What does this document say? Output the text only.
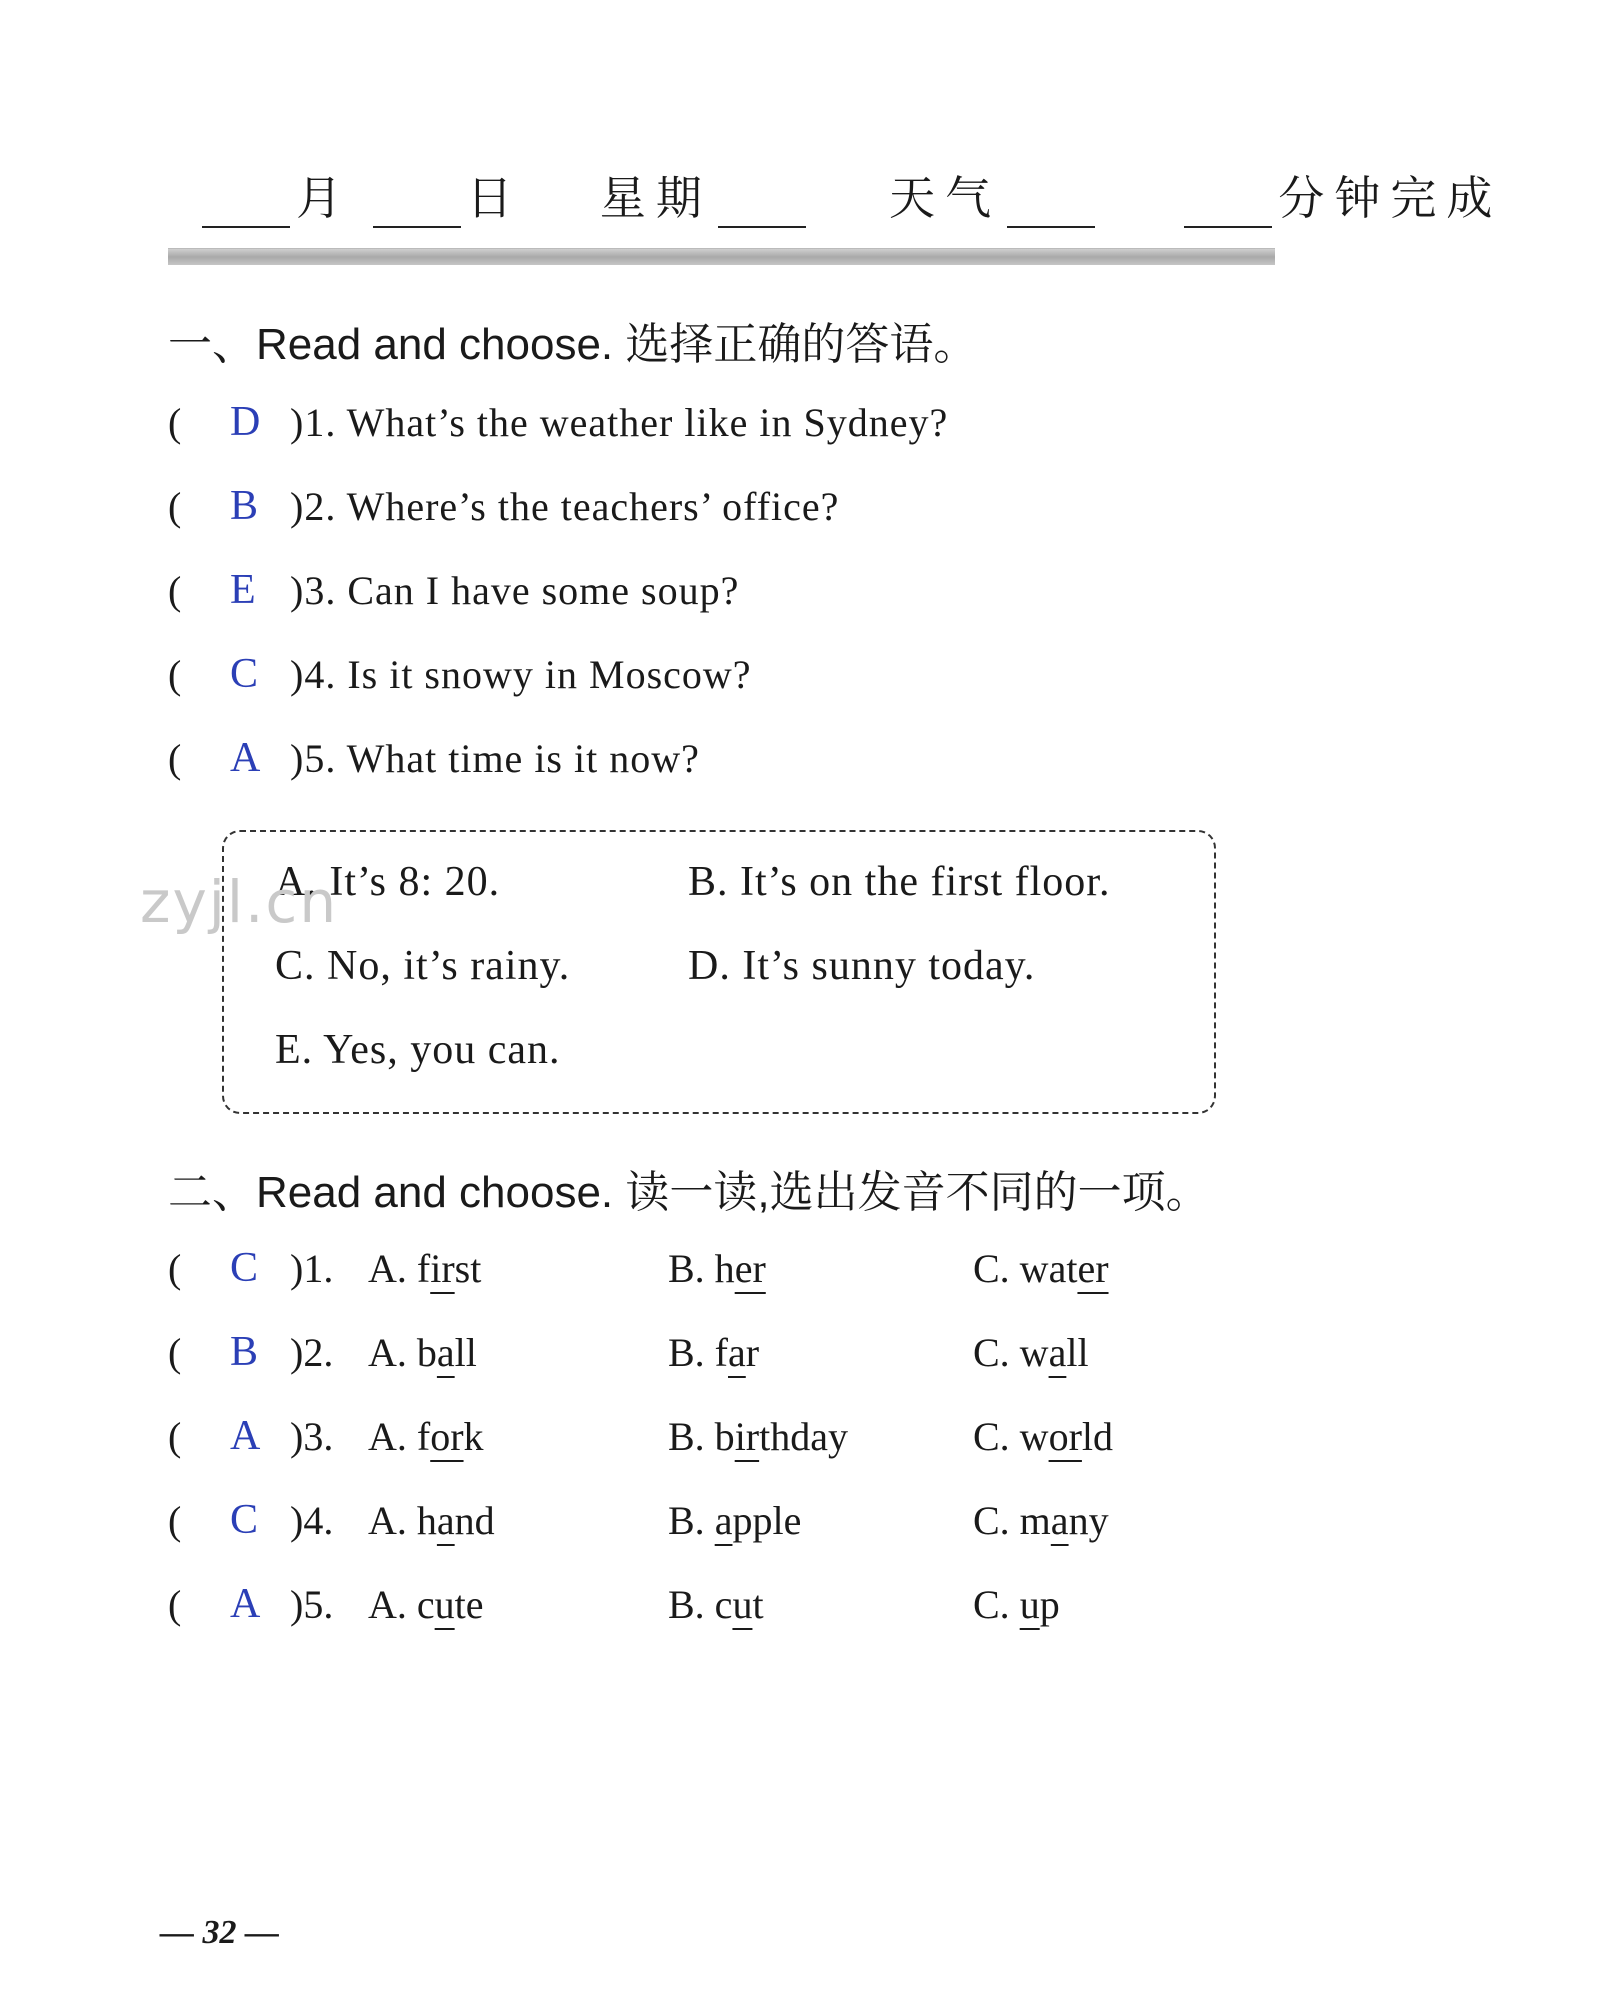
月 日 星期	天气	分钟完成
一、Read and choose. 选择正确的答语。
(	D )1. What’s the weather like in Sydney?
(	B )2. Where’s the teachers’ office?
(	E )3. Can I have some soup?
(	C )4. Is it snowy in Moscow?
(	A )5. What time is it now?
A. It’s 8: 20.	B. It’s on the first floor.
C. No, it’s rainy.	D. It’s sunny today.
E. Yes, you can.
zyjl.cn
二、Read and choose. 读一读,选出发音不同的一项。
(	C )1. A. first	B. her	C. water
(	B )2. A. ball	B. far	C. wall
(	A )3. A. fork	B. birthday	C. world
(	C )4. A. hand	B. apple	C. many
(	A )5. A. cute	B. cut	C. up
— 32 —
